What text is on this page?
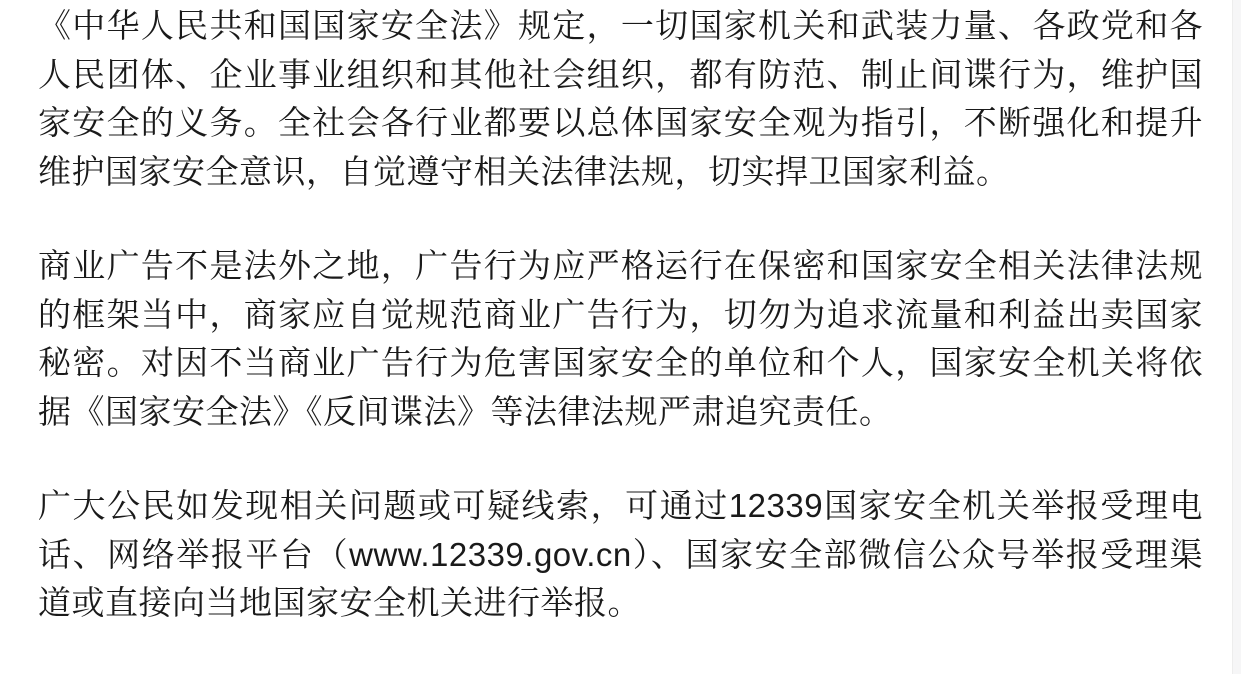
《中华人民共和国国家安全法》规定，一切国家机关和武装力量、各政党和各人民团体、企业事业组织和其他社会组织，都有防范、制止间谍行为，维护国家安全的义务。全社会各行业都要以总体国家安全观为指引，不断强化和提升维护国家安全意识，自觉遵守相关法律法规，切实捍卫国家利益。

商业广告不是法外之地，广告行为应严格运行在保密和国家安全相关法律法规的框架当中，商家应自觉规范商业广告行为，切勿为追求流量和利益出卖国家秘密。对因不当商业广告行为危害国家安全的单位和个人，国家安全机关将依据《国家安全法》《反间谍法》等法律法规严肃追究责任。

广大公民如发现相关问题或可疑线索，可通过12339国家安全机关举报受理电话、网络举报平台（www.12339.gov.cn）、国家安全部微信公众号举报受理渠道或直接向当地国家安全机关进行举报。
